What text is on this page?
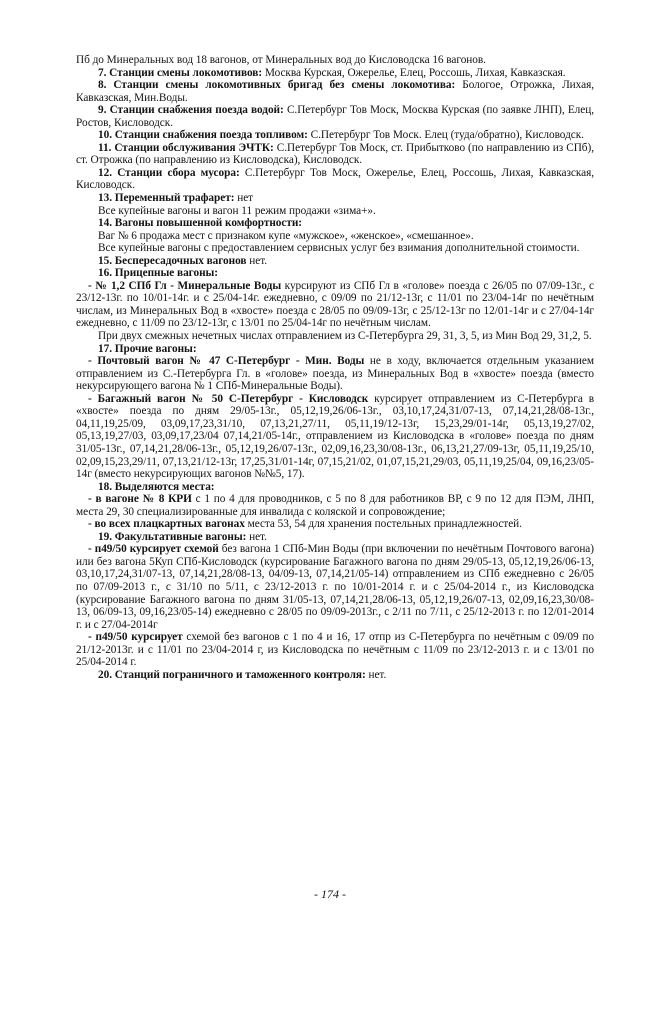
Пб до Минеральных вод 18 вагонов, от Минеральных вод до Кисловодска 16 вагонов.

7. Станции смены локомотивов: Москва Курская, Ожерелье, Елец, Россошь, Лихая, Кавказская.

8. Станции смены локомотивных бригад без смены локомотива: Бологое, Отрожка, Лихая, Кавказская, Мин.Воды.

9. Станции снабжения поезда водой: С.Петербург Тов Моск, Москва Курская (по заявке ЛНП), Елец, Ростов, Кисловодск.

10. Станции снабжения поезда топливом: С.Петербург Тов Моск. Елец (туда/обратно), Кисловодск.

11. Станции обслуживания ЭЧТК: С.Петербург Тов Моск, ст. Прибытково (по направлению из СПб), ст. Отрожка (по направлению из Кисловодска), Кисловодск.

12. Станции сбора мусора: С.Петербург Тов Моск, Ожерелье, Елец, Россошь, Лихая, Кавказская, Кисловодск.

13. Переменный трафарет: нет

Все купейные вагоны и вагон 11 режим продажи «зима+».

14. Вагоны повышенной комфортности:

Ваг № 6 продажа мест с признаком купе «мужское», «женское», «смешанное».

Все купейные вагоны с предоставлением сервисных услуг без взимания дополнительной стоимости.

15. Беспересадочных вагонов нет.

16. Прицепные вагоны:

- № 1,2 СПб Гл - Минеральные Воды курсируют из СПб Гл в «голове» поезда с 26/05 по 07/09-13г., с 23/12-13г. по 10/01-14г. и с 25/04-14г. ежедневно, с 09/09 по 21/12-13г, с 11/01 по 23/04-14г по нечётным числам, из Минеральных Вод в «хвосте» поезда с 28/05 по 09/09-13г, с 25/12-13г по 12/01-14г и с 27/04-14г ежедневно, с 11/09 по 23/12-13г, с 13/01 по 25/04-14г по нечётным числам.

При двух смежных нечетных числах отправлением из С-Петербурга 29, 31, 3, 5, из Мин Вод 29, 31,2, 5.

17. Прочие вагоны:

- Почтовый вагон № 47 С-Петербург - Мин. Воды не в ходу, включается отдельным указанием отправлением из С.-Петербурга Гл. в «голове» поезда, из Минеральных Вод в «хвосте» поезда (вместо некурсирующего вагона № 1 СПб-Минеральные Воды).

- Багажный вагон № 50 С-Петербург - Кисловодск курсирует отправлением из С-Петербурга в «хвосте» поезда по дням 29/05-13г., 05,12,19,26/06-13г., 03,10,17,24,31/07-13, 07,14,21,28/08-13г., 04,11,19,25/09, 03,09,17,23,31/10, 07,13,21,27/11, 05,11,19/12-13г, 15,23,29/01-14г, 05,13,19,27/02, 05,13,19,27/03, 03,09,17,23/04 07,14,21/05-14г., отправлением из Кисловодска в «голове» поезда по дням 31/05-13г., 07,14,21,28/06-13г., 05,12,19,26/07-13г., 02,09,16,23,30/08-13г., 06,13,21,27/09-13г, 05,11,19,25/10, 02,09,15,23,29/11, 07,13,21/12-13г, 17,25,31/01-14г, 07,15,21/02, 01,07,15,21,29/03, 05,11,19,25/04, 09,16,23/05-14г (вместо некурсирующих вагонов №№5, 17).

18. Выделяются места:

- в вагоне № 8 КРИ с 1 по 4 для проводников, с 5 по 8 для работников ВР, с 9 по 12 для ПЭМ, ЛНП, места 29, 30 специализированные для инвалида с коляской и сопровождение;

- во всех плацкартных вагонах места 53, 54 для хранения постельных принадлежностей.

19. Факультативные вагоны: нет.

- п49/50 курсирует схемой без вагона 1 СПб-Мин Воды (при включении по нечётным Почтового вагона) или без вагона 5Куп СПб-Кисловодск (курсирование Багажного вагона по дням 29/05-13, 05,12,19,26/06-13, 03,10,17,24,31/07-13, 07,14,21,28/08-13, 04/09-13, 07,14,21/05-14) отправлением из СПб ежедневно с 26/05 по 07/09-2013 г., с 31/10 по 5/11, с 23/12-2013 г. по 10/01-2014 г. и с 25/04-2014 г., из Кисловодска (курсирование Багажного вагона по дням 31/05-13, 07,14,21,28/06-13, 05,12,19,26/07-13, 02,09,16,23,30/08-13, 06/09-13, 09,16,23/05-14) ежедневно с 28/05 по 09/09-2013г., с 2/11 по 7/11, с 25/12-2013 г. по 12/01-2014 г. и с 27/04-2014г

- п49/50 курсирует схемой без вагонов с 1 по 4 и 16, 17 отпр из С-Петербурга по нечётным с 09/09 по 21/12-2013г. и с 11/01 по 23/04-2014 г, из Кисловодска по нечётным с 11/09 по 23/12-2013 г. и с 13/01 по 25/04-2014 г.

20. Станций пограничного и таможенного контроля: нет.

- 174 -
